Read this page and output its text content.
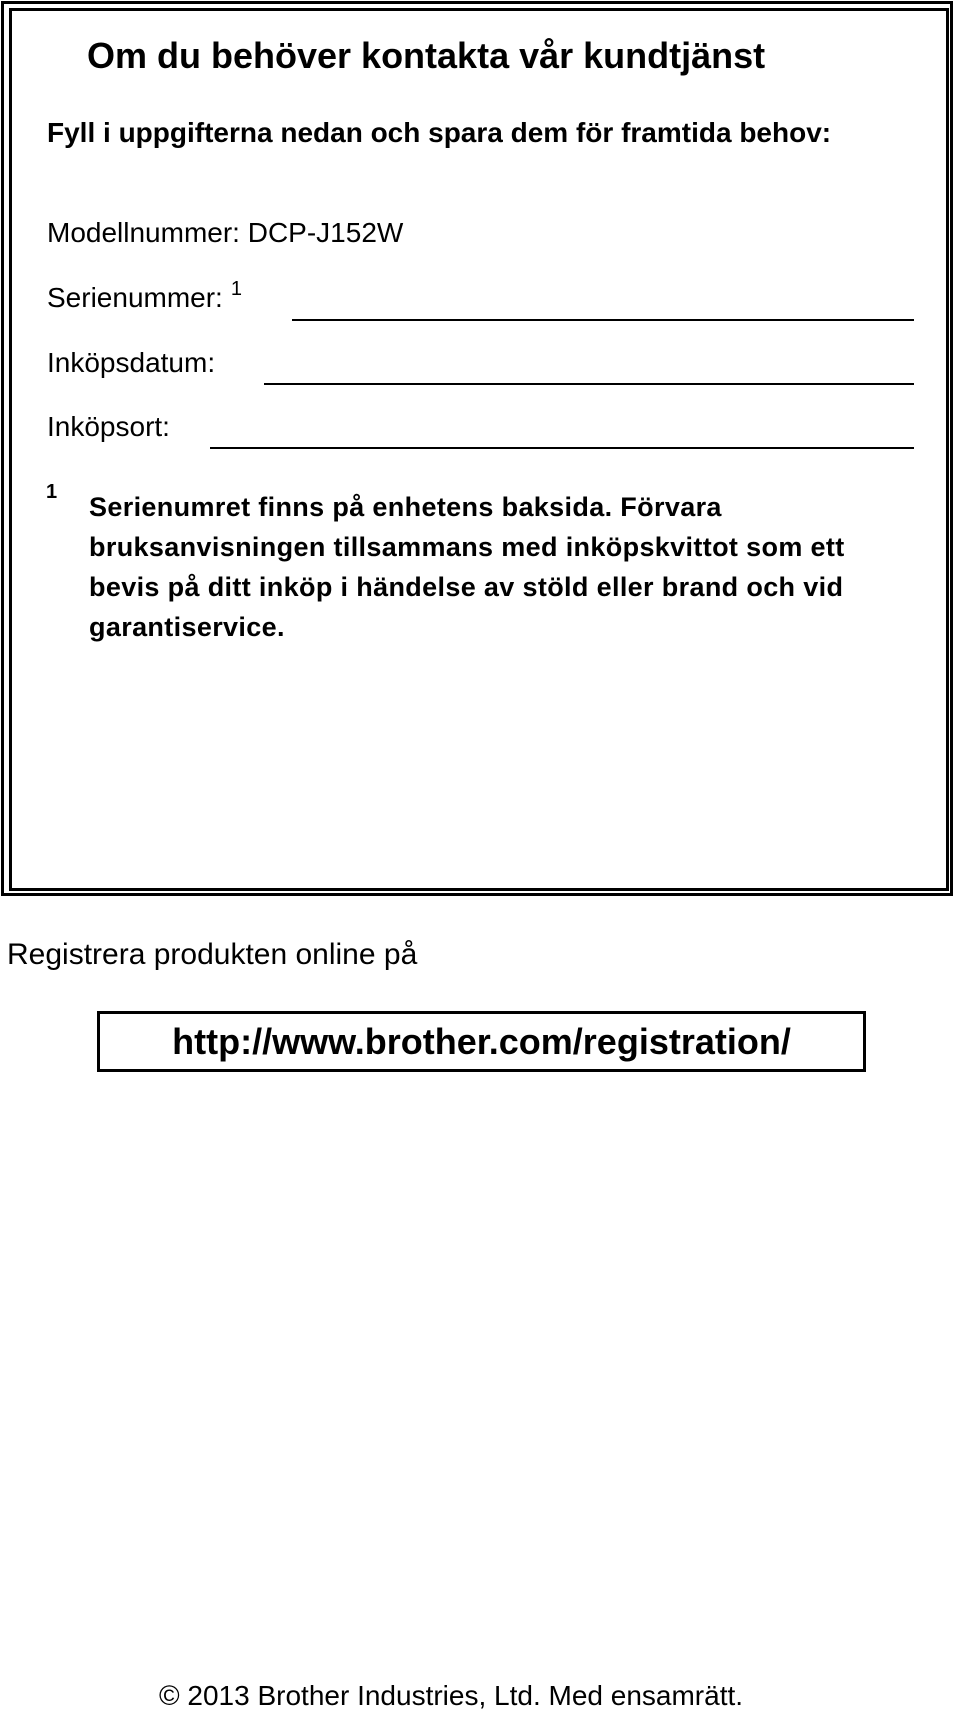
Om du behöver kontakta vår kundtjänst
Fyll i uppgifterna nedan och spara dem för framtida behov:
Modellnummer: DCP-J152W
Serienummer: $^1$
Inköpsdatum:
Inköpsort:
1 Serienumret finns på enhetens baksida. Förvara bruksanvisningen tillsammans med inköpskvittot som ett bevis på ditt inköp i händelse av stöld eller brand och vid garantiservice.
Registrera produkten online på
http://www.brother.com/registration/
© 2013 Brother Industries, Ltd. Med ensamrätt.
